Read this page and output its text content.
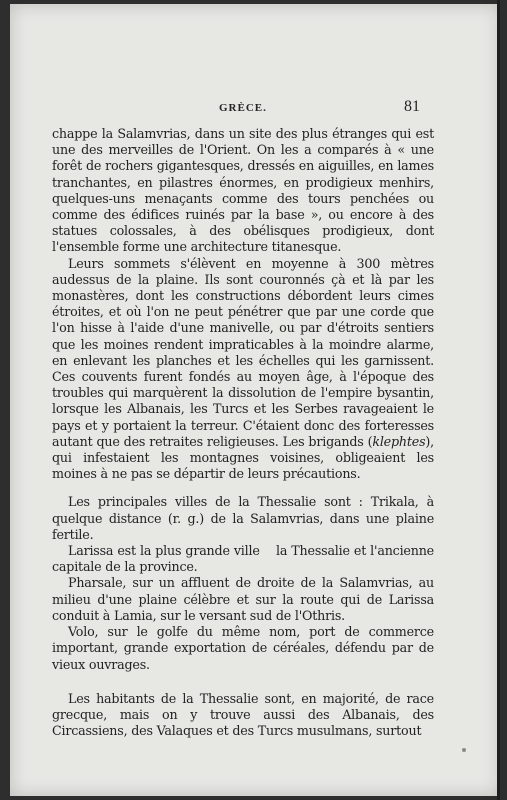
GRÈCE.	81

chappe la Salamvrias, dans un site des plus étranges qui est une des merveilles de l'Orient. On les a comparés à « une forêt de rochers gigantesques, dressés en aiguilles, en lames tranchantes, en pilastres énormes, en prodigieux menhirs, quelques-uns menaçants comme des tours penchées ou comme des édifices ruinés par la base », ou encore à des statues colossales, à des obélisques prodigieux, dont l'ensemble forme une architecture titanesque.

Leurs sommets s'élèvent en moyenne à 300 mètres audessus de la plaine. Ils sont couronnés çà et là par les monastères, dont les constructions débordent leurs cimes étroites, et où l'on ne peut pénétrer que par une corde que l'on hisse à l'aide d'une manivelle, ou par d'étroits sentiers que les moines rendent impraticables à la moindre alarme, en enlevant les planches et les échelles qui les garnissent. Ces couvents furent fondés au moyen âge, à l'époque des troubles qui marquèrent la dissolution de l'empire bysantin, lorsque les Albanais, les Turcs et les Serbes ravageaient le pays et y portaient la terreur. C'étaient donc des forteresses autant que des retraites religieuses. Les brigands (klephtes), qui infestaient les montagnes voisines, obligeaient les moines à ne pas se départir de leurs précautions.

Les principales villes de la Thessalie sont : Trikala, à quelque distance (r. g.) de la Salamvrias, dans une plaine fertile.

Larissa est la plus grande ville    la Thessalie et l'ancienne capitale de la province.

Pharsale, sur un affluent de droite de la Salamvrias, au milieu d'une plaine célèbre et sur la route qui de Larissa conduit à Lamia, sur le versant sud de l'Othris.

Volo, sur le golfe du même nom, port de commerce important, grande exportation de céréales, défendu par de vieux ouvrages.

Les habitants de la Thessalie sont, en majorité, de race grecque, mais on y trouve aussi des Albanais, des Circassiens, des Valaques et des Turcs musulmans, surtout
